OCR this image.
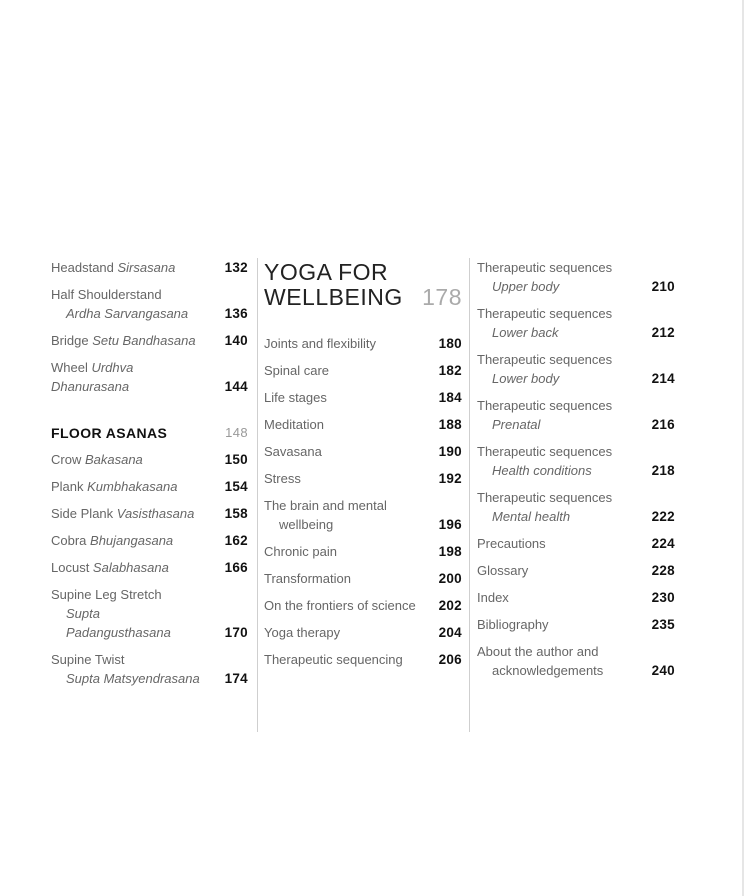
Headstand Sirsasana	132
Half Shoulderstand
Ardha Sarvangasana	136
Bridge Setu Bandhasana	140
Wheel Urdhva Dhanurasana	144
FLOOR ASANAS	148
Crow Bakasana	150
Plank Kumbhakasana	154
Side Plank Vasisthasana	158
Cobra Bhujangasana	162
Locust Salabhasana	166
Supine Leg Stretch
Supta Padangusthasana	170
Supine Twist
Supta Matsyendrasana	174
YOGA FOR
WELLBEING 178
Joints and flexibility	180
Spinal care	182
Life stages	184
Meditation	188
Savasana	190
Stress	192
The brain and mental
wellbeing	196
Chronic pain	198
Transformation	200
On the frontiers of science	202
Yoga therapy	204
Therapeutic sequencing	206
Therapeutic sequences
Upper body	210
Therapeutic sequences
Lower back	212
Therapeutic sequences
Lower body	214
Therapeutic sequences
Prenatal	216
Therapeutic sequences
Health conditions	218
Therapeutic sequences
Mental health	222
Precautions	224
Glossary	228
Index	230
Bibliography	235
About the author and
acknowledgements	240
